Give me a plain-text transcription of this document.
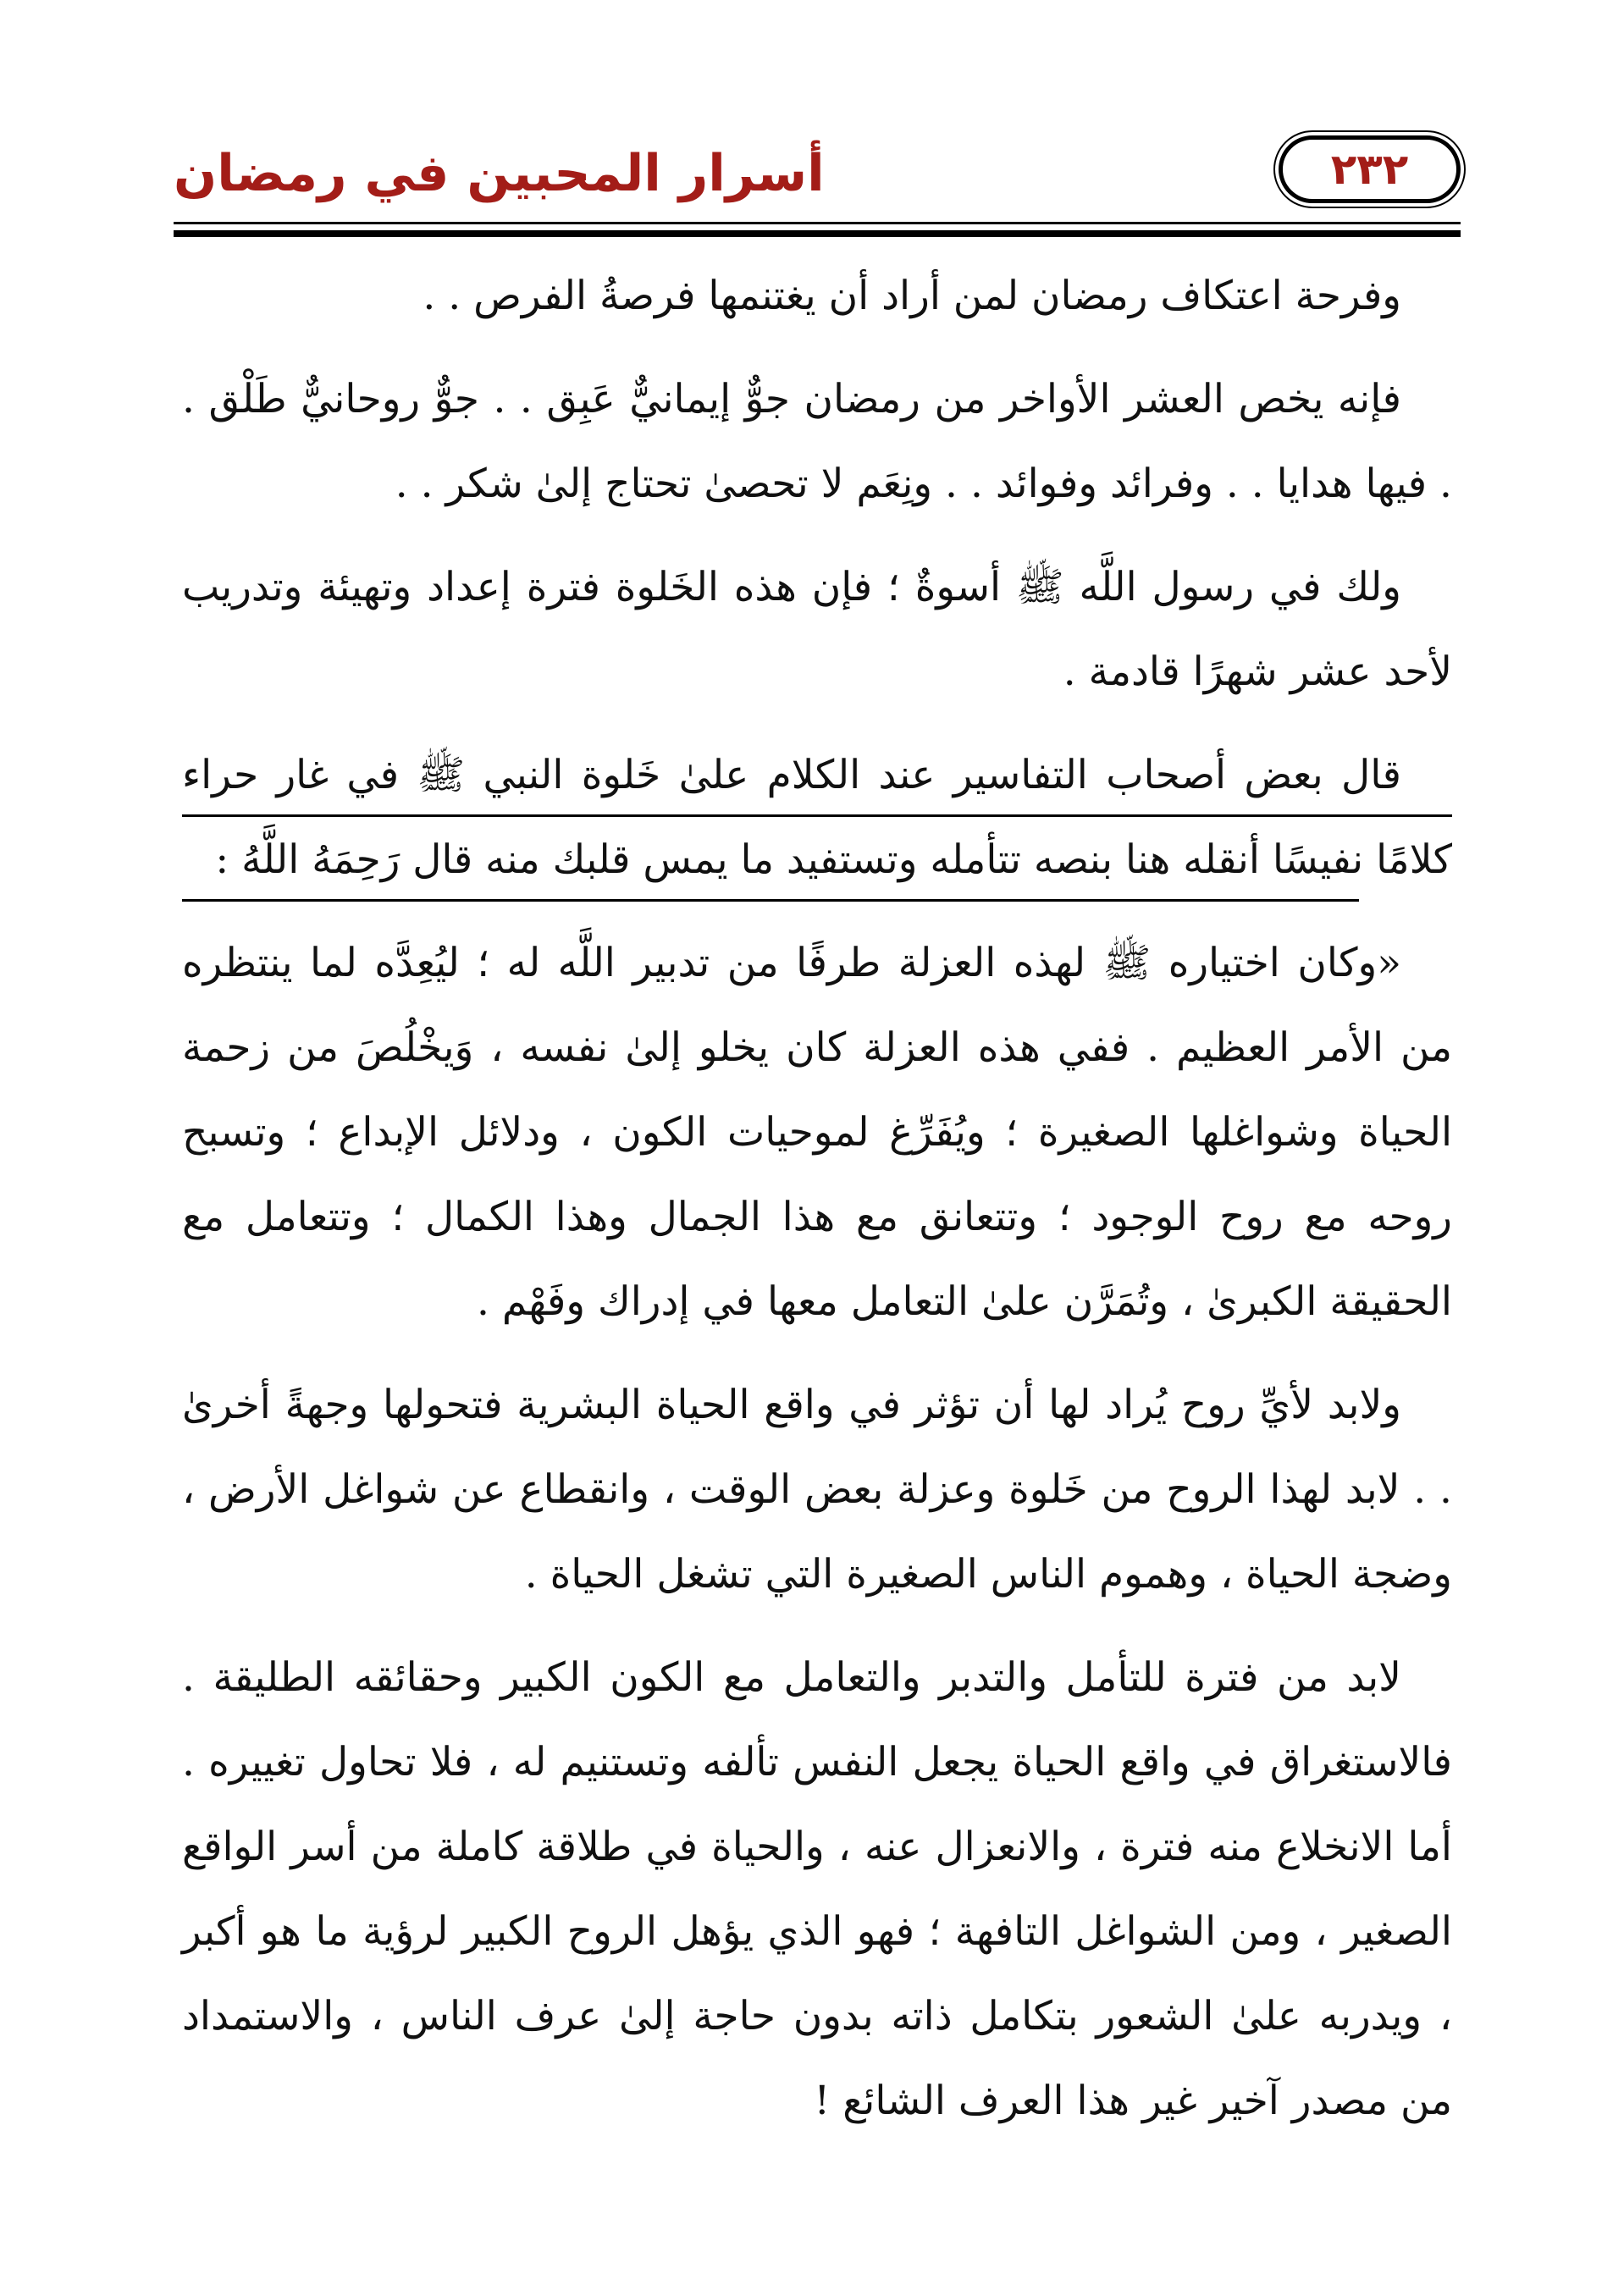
أسرار المحبين في رمضان	٢٣٢

وفرحة اعتكاف رمضان لمن أراد أن يغتنمها فرصةُ الفرص . .

فإنه يخص العشر الأواخر من رمضان جوٌّ إيمانيٌّ عَبِق . . جوٌّ روحانيٌّ طَلْق . . فيها هدايا . . وفرائد وفوائد . . ونِعَم لا تحصىٰ تحتاج إلىٰ شكر . .

ولك في رسول اللَّه ﷺ أسوةٌ ؛ فإن هذه الخَلوة فترة إعداد وتهيئة وتدريب لأحد عشر شهرًا قادمة .

قال بعض أصحاب التفاسير عند الكلام علىٰ خَلوة النبي ﷺ في غار حراء كلامًا نفيسًا أنقله هنا بنصه تتأمله وتستفيد ما يمس قلبك منه قال رَحِمَهُ اللَّهُ :

«وكان اختياره ﷺ لهذه العزلة طرفًا من تدبير اللَّه له ؛ ليُعِدَّه لما ينتظره من الأمر العظيم . ففي هذه العزلة كان يخلو إلىٰ نفسه ، وَيخْلُصَ من زحمة الحياة وشواغلها الصغيرة ؛ ويُفَرِّغ لموحيات الكون ، ودلائل الإبداع ؛ وتسبح روحه مع روح الوجود ؛ وتتعانق مع هذا الجمال وهذا الكمال ؛ وتتعامل مع الحقيقة الكبرىٰ ، وتُمَرَّن علىٰ التعامل معها في إدراك وفَهْم .

ولابد لأيِّ روح يُراد لها أن تؤثر في واقع الحياة البشرية فتحولها وجهةً أخرىٰ . . لابد لهذا الروح من خَلوة وعزلة بعض الوقت ، وانقطاع عن شواغل الأرض ، وضجة الحياة ، وهموم الناس الصغيرة التي تشغل الحياة .

لابد من فترة للتأمل والتدبر والتعامل مع الكون الكبير وحقائقه الطليقة . فالاستغراق في واقع الحياة يجعل النفس تألفه وتستنيم له ، فلا تحاول تغييره . أما الانخلاع منه فترة ، والانعزال عنه ، والحياة في طلاقة كاملة من أسر الواقع الصغير ، ومن الشواغل التافهة ؛ فهو الذي يؤهل الروح الكبير لرؤية ما هو أكبر ، ويدربه علىٰ الشعور بتكامل ذاته بدون حاجة إلىٰ عرف الناس ، والاستمداد من مصدر آخير غير هذا العرف الشائع !
